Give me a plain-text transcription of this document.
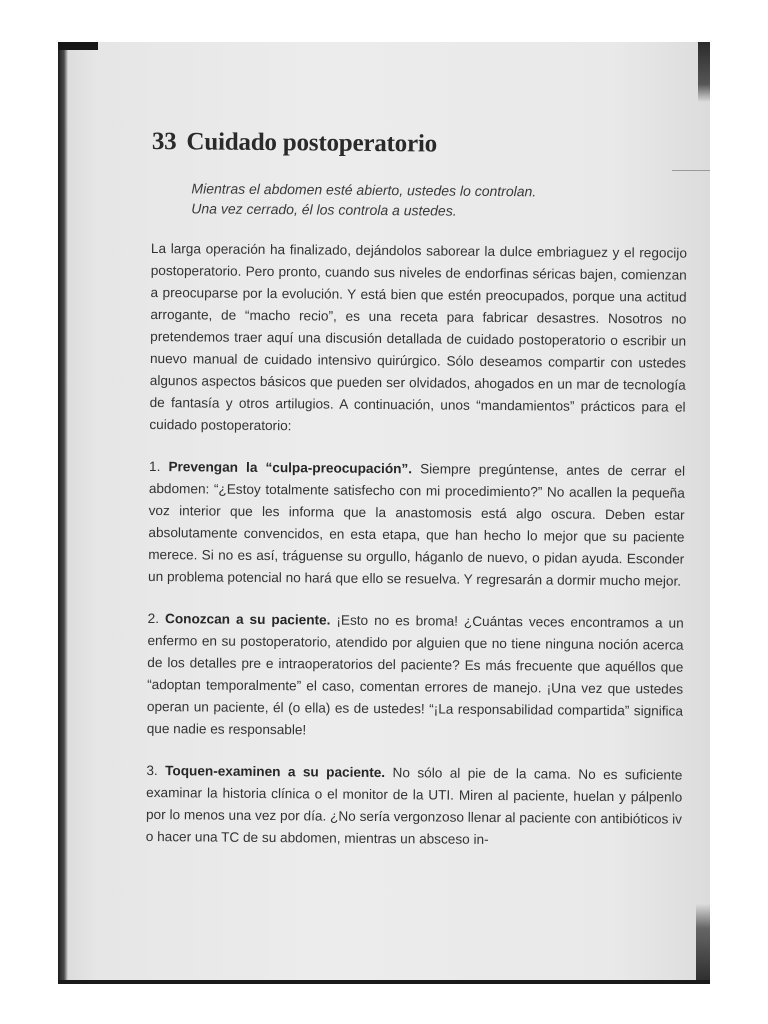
33 Cuidado postoperatorio
Mientras el abdomen esté abierto, ustedes lo controlan.
Una vez cerrado, él los controla a ustedes.

La larga operación ha finalizado, dejándolos saborear la dulce embriaguez y el regocijo postoperatorio. Pero pronto, cuando sus niveles de endorfinas séricas bajen, comienzan a preocuparse por la evolución. Y está bien que estén preocupados, porque una actitud arrogante, de “macho recio”, es una receta para fabricar desastres. Nosotros no pretendemos traer aquí una discusión detallada de cuidado postoperatorio o escribir un nuevo manual de cuidado intensivo quirúrgico. Sólo deseamos compartir con ustedes algunos aspectos básicos que pueden ser olvidados, ahogados en un mar de tecnología de fantasía y otros artilugios. A continuación, unos “mandamientos” prácticos para el cuidado postoperatorio:

1. Prevengan la “culpa-preocupación”. Siempre pregúntense, antes de cerrar el abdomen: “¿Estoy totalmente satisfecho con mi procedimiento?” No acallen la pequeña voz interior que les informa que la anastomosis está algo oscura. Deben estar absolutamente convencidos, en esta etapa, que han hecho lo mejor que su paciente merece. Si no es así, tráguense su orgullo, háganlo de nuevo, o pidan ayuda. Esconder un problema potencial no hará que ello se resuelva. Y regresarán a dormir mucho mejor.

2. Conozcan a su paciente. ¡Esto no es broma! ¿Cuántas veces encontramos a un enfermo en su postoperatorio, atendido por alguien que no tiene ninguna noción acerca de los detalles pre e intraoperatorios del paciente? Es más frecuente que aquéllos que “adoptan temporalmente” el caso, comentan errores de manejo. ¡Una vez que ustedes operan un paciente, él (o ella) es de ustedes! “¡La responsabilidad compartida” significa que nadie es responsable!

3. Toquen-examinen a su paciente. No sólo al pie de la cama. No es suficiente examinar la historia clínica o el monitor de la UTI. Miren al paciente, huelan y pálpenlo por lo menos una vez por día. ¿No sería vergonzoso llenar al paciente con antibióticos iv o hacer una TC de su abdomen, mientras un absceso in-
